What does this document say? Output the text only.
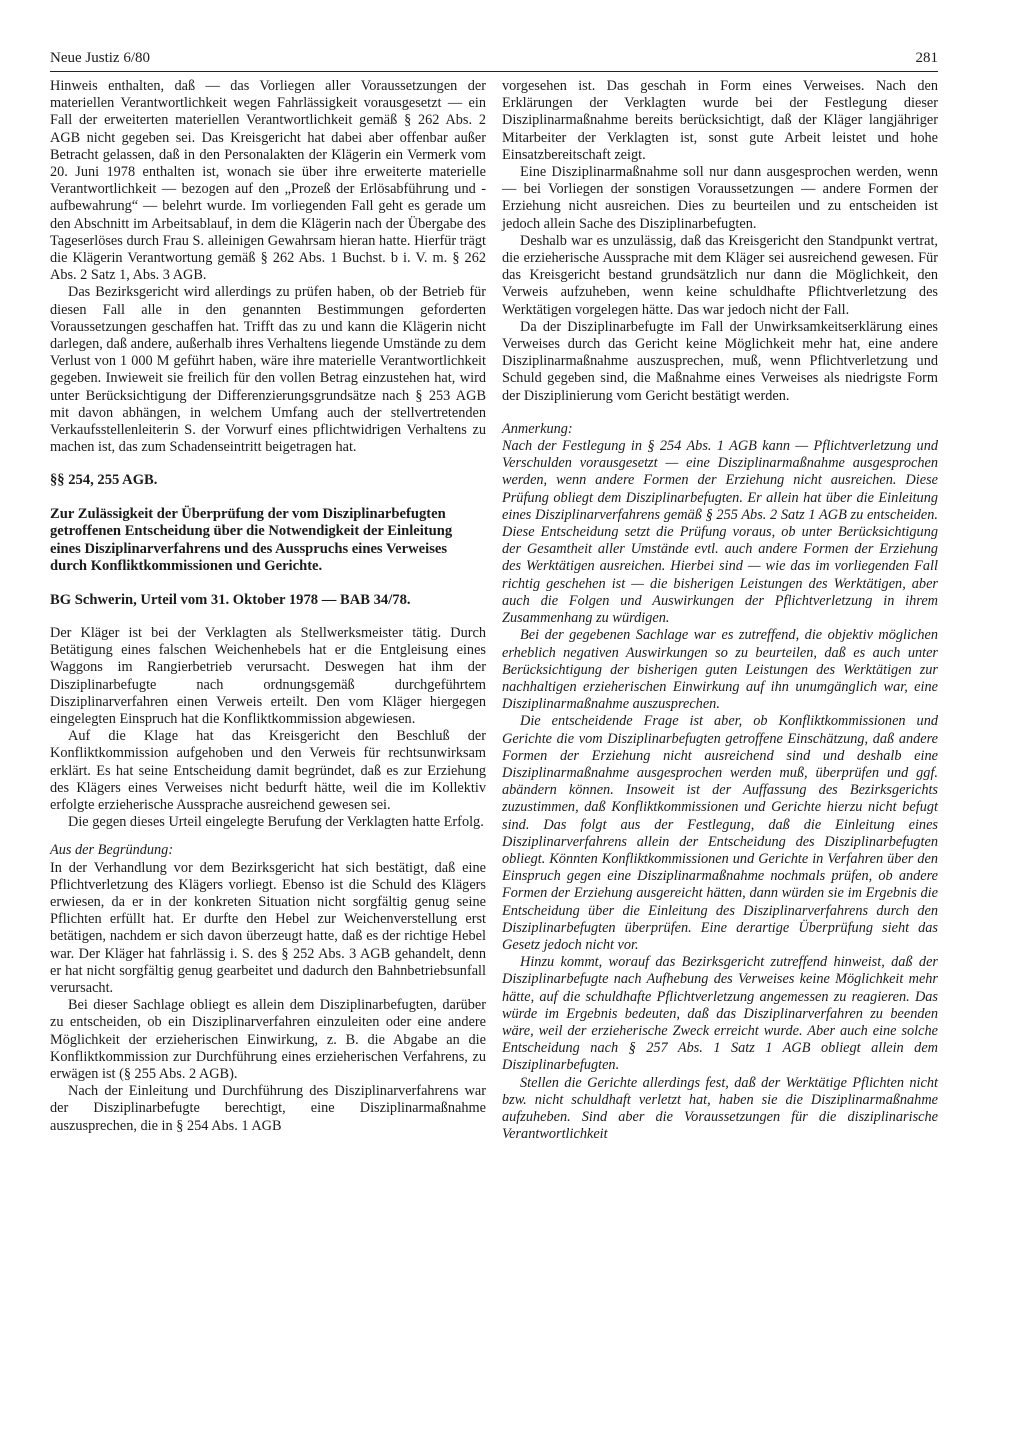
Neue Justiz 6/80	281

Hinweis enthalten, daß — das Vorliegen aller Voraussetzungen der materiellen Verantwortlichkeit wegen Fahrlässigkeit vorausgesetzt — ein Fall der erweiterten materiellen Verantwortlichkeit gemäß § 262 Abs. 2 AGB nicht gegeben sei. Das Kreisgericht hat dabei aber offenbar außer Betracht gelassen, daß in den Personalakten der Klägerin ein Vermerk vom 20. Juni 1978 enthalten ist, wonach sie über ihre erweiterte materielle Verantwortlichkeit — bezogen auf den „Prozeß der Erlösabführung und -aufbewahrung“ — belehrt wurde. Im vorliegenden Fall geht es gerade um den Abschnitt im Arbeitsablauf, in dem die Klägerin nach der Übergabe des Tageserlöses durch Frau S. alleinigen Gewahrsam hieran hatte. Hierfür trägt die Klägerin Verantwortung gemäß § 262 Abs. 1 Buchst. b i. V. m. § 262 Abs. 2 Satz 1, Abs. 3 AGB.

Das Bezirksgericht wird allerdings zu prüfen haben, ob der Betrieb für diesen Fall alle in den genannten Bestimmungen geforderten Voraussetzungen geschaffen hat. Trifft das zu und kann die Klägerin nicht darlegen, daß andere, außerhalb ihres Verhaltens liegende Umstände zu dem Verlust von 1 000 M geführt haben, wäre ihre materielle Verantwortlichkeit gegeben. Inwieweit sie freilich für den vollen Betrag einzustehen hat, wird unter Berücksichtigung der Differenzierungsgrundsätze nach § 253 AGB mit davon abhängen, in welchem Umfang auch der stellvertretenden Verkaufsstellenleiterin S. der Vorwurf eines pflichtwidrigen Verhaltens zu machen ist, das zum Schadenseintritt beigetragen hat.

§§ 254, 255 AGB.
Zur Zulässigkeit der Überprüfung der vom Disziplinarbefugten getroffenen Entscheidung über die Notwendigkeit der Einleitung eines Disziplinarverfahrens und des Ausspruchs eines Verweises durch Konfliktkommissionen und Gerichte.
BG Schwerin, Urteil vom 31. Oktober 1978 — BAB 34/78.

Der Kläger ist bei der Verklagten als Stellwerksmeister tätig. Durch Betätigung eines falschen Weichenhebels hat er die Entgleisung eines Waggons im Rangierbetrieb verursacht. Deswegen hat ihm der Disziplinarbefugte nach ordnungsgemäß durchgeführtem Disziplinarverfahren einen Verweis erteilt. Den vom Kläger hiergegen eingelegten Einspruch hat die Konfliktkommission abgewiesen.

Auf die Klage hat das Kreisgericht den Beschluß der Konfliktkommission aufgehoben und den Verweis für rechtsunwirksam erklärt. Es hat seine Entscheidung damit begründet, daß es zur Erziehung des Klägers eines Verweises nicht bedurft hätte, weil die im Kollektiv erfolgte erzieherische Aussprache ausreichend gewesen sei.

Die gegen dieses Urteil eingelegte Berufung der Verklagten hatte Erfolg.

Aus der Begründung:

In der Verhandlung vor dem Bezirksgericht hat sich bestätigt, daß eine Pflichtverletzung des Klägers vorliegt. Ebenso ist die Schuld des Klägers erwiesen, da er in der konkreten Situation nicht sorgfältig genug seine Pflichten erfüllt hat. Er durfte den Hebel zur Weichenverstellung erst betätigen, nachdem er sich davon überzeugt hatte, daß es der richtige Hebel war. Der Kläger hat fahrlässig i. S. des § 252 Abs. 3 AGB gehandelt, denn er hat nicht sorgfältig genug gearbeitet und dadurch den Bahnbetriebsunfall verursacht.

Bei dieser Sachlage obliegt es allein dem Disziplinarbefugten, darüber zu entscheiden, ob ein Disziplinarverfahren einzuleiten oder eine andere Möglichkeit der erzieherischen Einwirkung, z. B. die Abgabe an die Konfliktkommission zur Durchführung eines erzieherischen Verfahrens, zu erwägen ist (§ 255 Abs. 2 AGB).

Nach der Einleitung und Durchführung des Disziplinarverfahrens war der Disziplinarbefugte berechtigt, eine Disziplinarmaßnahme auszusprechen, die in § 254 Abs. 1 AGB

vorgesehen ist. Das geschah in Form eines Verweises. Nach den Erklärungen der Verklagten wurde bei der Festlegung dieser Disziplinarmaßnahme bereits berücksichtigt, daß der Kläger langjähriger Mitarbeiter der Verklagten ist, sonst gute Arbeit leistet und hohe Einsatzbereitschaft zeigt.

Eine Disziplinarmaßnahme soll nur dann ausgesprochen werden, wenn — bei Vorliegen der sonstigen Voraussetzungen — andere Formen der Erziehung nicht ausreichen. Dies zu beurteilen und zu entscheiden ist jedoch allein Sache des Disziplinarbefugten.

Deshalb war es unzulässig, daß das Kreisgericht den Standpunkt vertrat, die erzieherische Aussprache mit dem Kläger sei ausreichend gewesen. Für das Kreisgericht bestand grundsätzlich nur dann die Möglichkeit, den Verweis aufzuheben, wenn keine schuldhafte Pflichtverletzung des Werktätigen vorgelegen hätte. Das war jedoch nicht der Fall.

Da der Disziplinarbefugte im Fall der Unwirksamkeitserklärung eines Verweises durch das Gericht keine Möglichkeit mehr hat, eine andere Disziplinarmaßnahme auszusprechen, muß, wenn Pflichtverletzung und Schuld gegeben sind, die Maßnahme eines Verweises als niedrigste Form der Disziplinierung vom Gericht bestätigt werden.

Anmerkung:

Nach der Festlegung in § 254 Abs. 1 AGB kann — Pflichtverletzung und Verschulden vorausgesetzt — eine Disziplinarmaßnahme ausgesprochen werden, wenn andere Formen der Erziehung nicht ausreichen. Diese Prüfung obliegt dem Disziplinarbefugten. Er allein hat über die Einleitung eines Disziplinarverfahrens gemäß § 255 Abs. 2 Satz 1 AGB zu entscheiden. Diese Entscheidung setzt die Prüfung voraus, ob unter Berücksichtigung der Gesamtheit aller Umstände evtl. auch andere Formen der Erziehung des Werktätigen ausreichen. Hierbei sind — wie das im vorliegenden Fall richtig geschehen ist — die bisherigen Leistungen des Werktätigen, aber auch die Folgen und Auswirkungen der Pflichtverletzung in ihrem Zusammenhang zu würdigen.

Bei der gegebenen Sachlage war es zutreffend, die objektiv möglichen erheblich negativen Auswirkungen so zu beurteilen, daß es auch unter Berücksichtigung der bisherigen guten Leistungen des Werktätigen zur nachhaltigen erzieherischen Einwirkung auf ihn unumgänglich war, eine Disziplinarmaßnahme auszusprechen.

Die entscheidende Frage ist aber, ob Konfliktkommissionen und Gerichte die vom Disziplinarbefugten getroffene Einschätzung, daß andere Formen der Erziehung nicht ausreichend sind und deshalb eine Disziplinarmaßnahme ausgesprochen werden muß, überprüfen und ggf. abändern können. Insoweit ist der Auffassung des Bezirksgerichts zuzustimmen, daß Konfliktkommissionen und Gerichte hierzu nicht befugt sind. Das folgt aus der Festlegung, daß die Einleitung eines Disziplinarverfahrens allein der Entscheidung des Disziplinarbefugten obliegt. Könnten Konfliktkommissionen und Gerichte in Verfahren über den Einspruch gegen eine Disziplinarmaßnahme nochmals prüfen, ob andere Formen der Erziehung ausgereicht hätten, dann würden sie im Ergebnis die Entscheidung über die Einleitung des Disziplinarverfahrens durch den Disziplinarbefugten überprüfen. Eine derartige Überprüfung sieht das Gesetz jedoch nicht vor.

Hinzu kommt, worauf das Bezirksgericht zutreffend hinweist, daß der Disziplinarbefugte nach Aufhebung des Verweises keine Möglichkeit mehr hätte, auf die schuldhafte Pflichtverletzung angemessen zu reagieren. Das würde im Ergebnis bedeuten, daß das Disziplinarverfahren zu beenden wäre, weil der erzieherische Zweck erreicht wurde. Aber auch eine solche Entscheidung nach § 257 Abs. 1 Satz 1 AGB obliegt allein dem Disziplinarbefugten.

Stellen die Gerichte allerdings fest, daß der Werktätige Pflichten nicht bzw. nicht schuldhaft verletzt hat, haben sie die Disziplinarmaßnahme aufzuheben. Sind aber die Voraussetzungen für die disziplinarische Verantwortlichkeit
